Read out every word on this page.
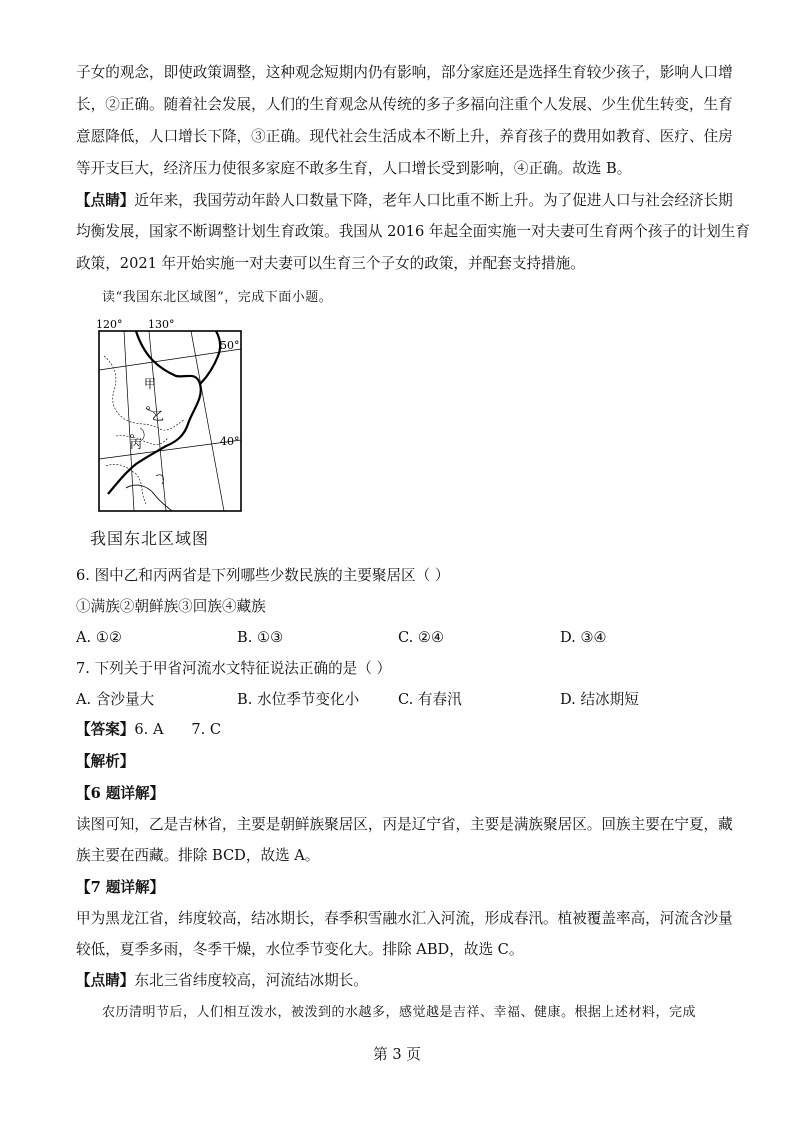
子女的观念，即使政策调整，这种观念短期内仍有影响，部分家庭还是选择生育较少孩子，影响人口增
长，②正确。随着社会发展，人们的生育观念从传统的多子多福向注重个人发展、少生优生转变，生育
意愿降低，人口增长下降，③正确。现代社会生活成本不断上升，养育孩子的费用如教育、医疗、住房
等开支巨大，经济压力使很多家庭不敢多生育，人口增长受到影响，④正确。故选 B。
【点睛】近年来，我国劳动年龄人口数量下降，老年人口比重不断上升。为了促进人口与社会经济长期
均衡发展，国家不断调整计划生育政策。我国从 2016 年起全面实施一对夫妻可生育两个孩子的计划生育
政策，2021 年开始实施一对夫妻可以生育三个子女的政策，并配套支持措施。
读“我国东北区域图”，完成下面小题。
120° 130°
50°
40°
甲
乙
丙
我国东北区域图
6. 图中乙和丙两省是下列哪些少数民族的主要聚居区（ ）
①满族②朝鲜族③回族④藏族
A. ①②	B. ①③	C. ②④	D. ③④
7. 下列关于甲省河流水文特征说法正确的是（ ）
A. 含沙量大	B. 水位季节变化小	C. 有春汛	D. 结冰期短
【答案】6. A      7. C
【解析】
【6 题详解】
读图可知，乙是吉林省，主要是朝鲜族聚居区，丙是辽宁省，主要是满族聚居区。回族主要在宁夏，藏
族主要在西藏。排除 BCD，故选 A。
【7 题详解】
甲为黑龙江省，纬度较高，结冰期长，春季积雪融水汇入河流，形成春汛。植被覆盖率高，河流含沙量
较低，夏季多雨，冬季干燥，水位季节变化大。排除 ABD，故选 C。
【点睛】东北三省纬度较高，河流结冰期长。
农历清明节后，人们相互泼水，被泼到的水越多，感觉越是吉祥、幸福、健康。根据上述材料，完成
第 3 页
